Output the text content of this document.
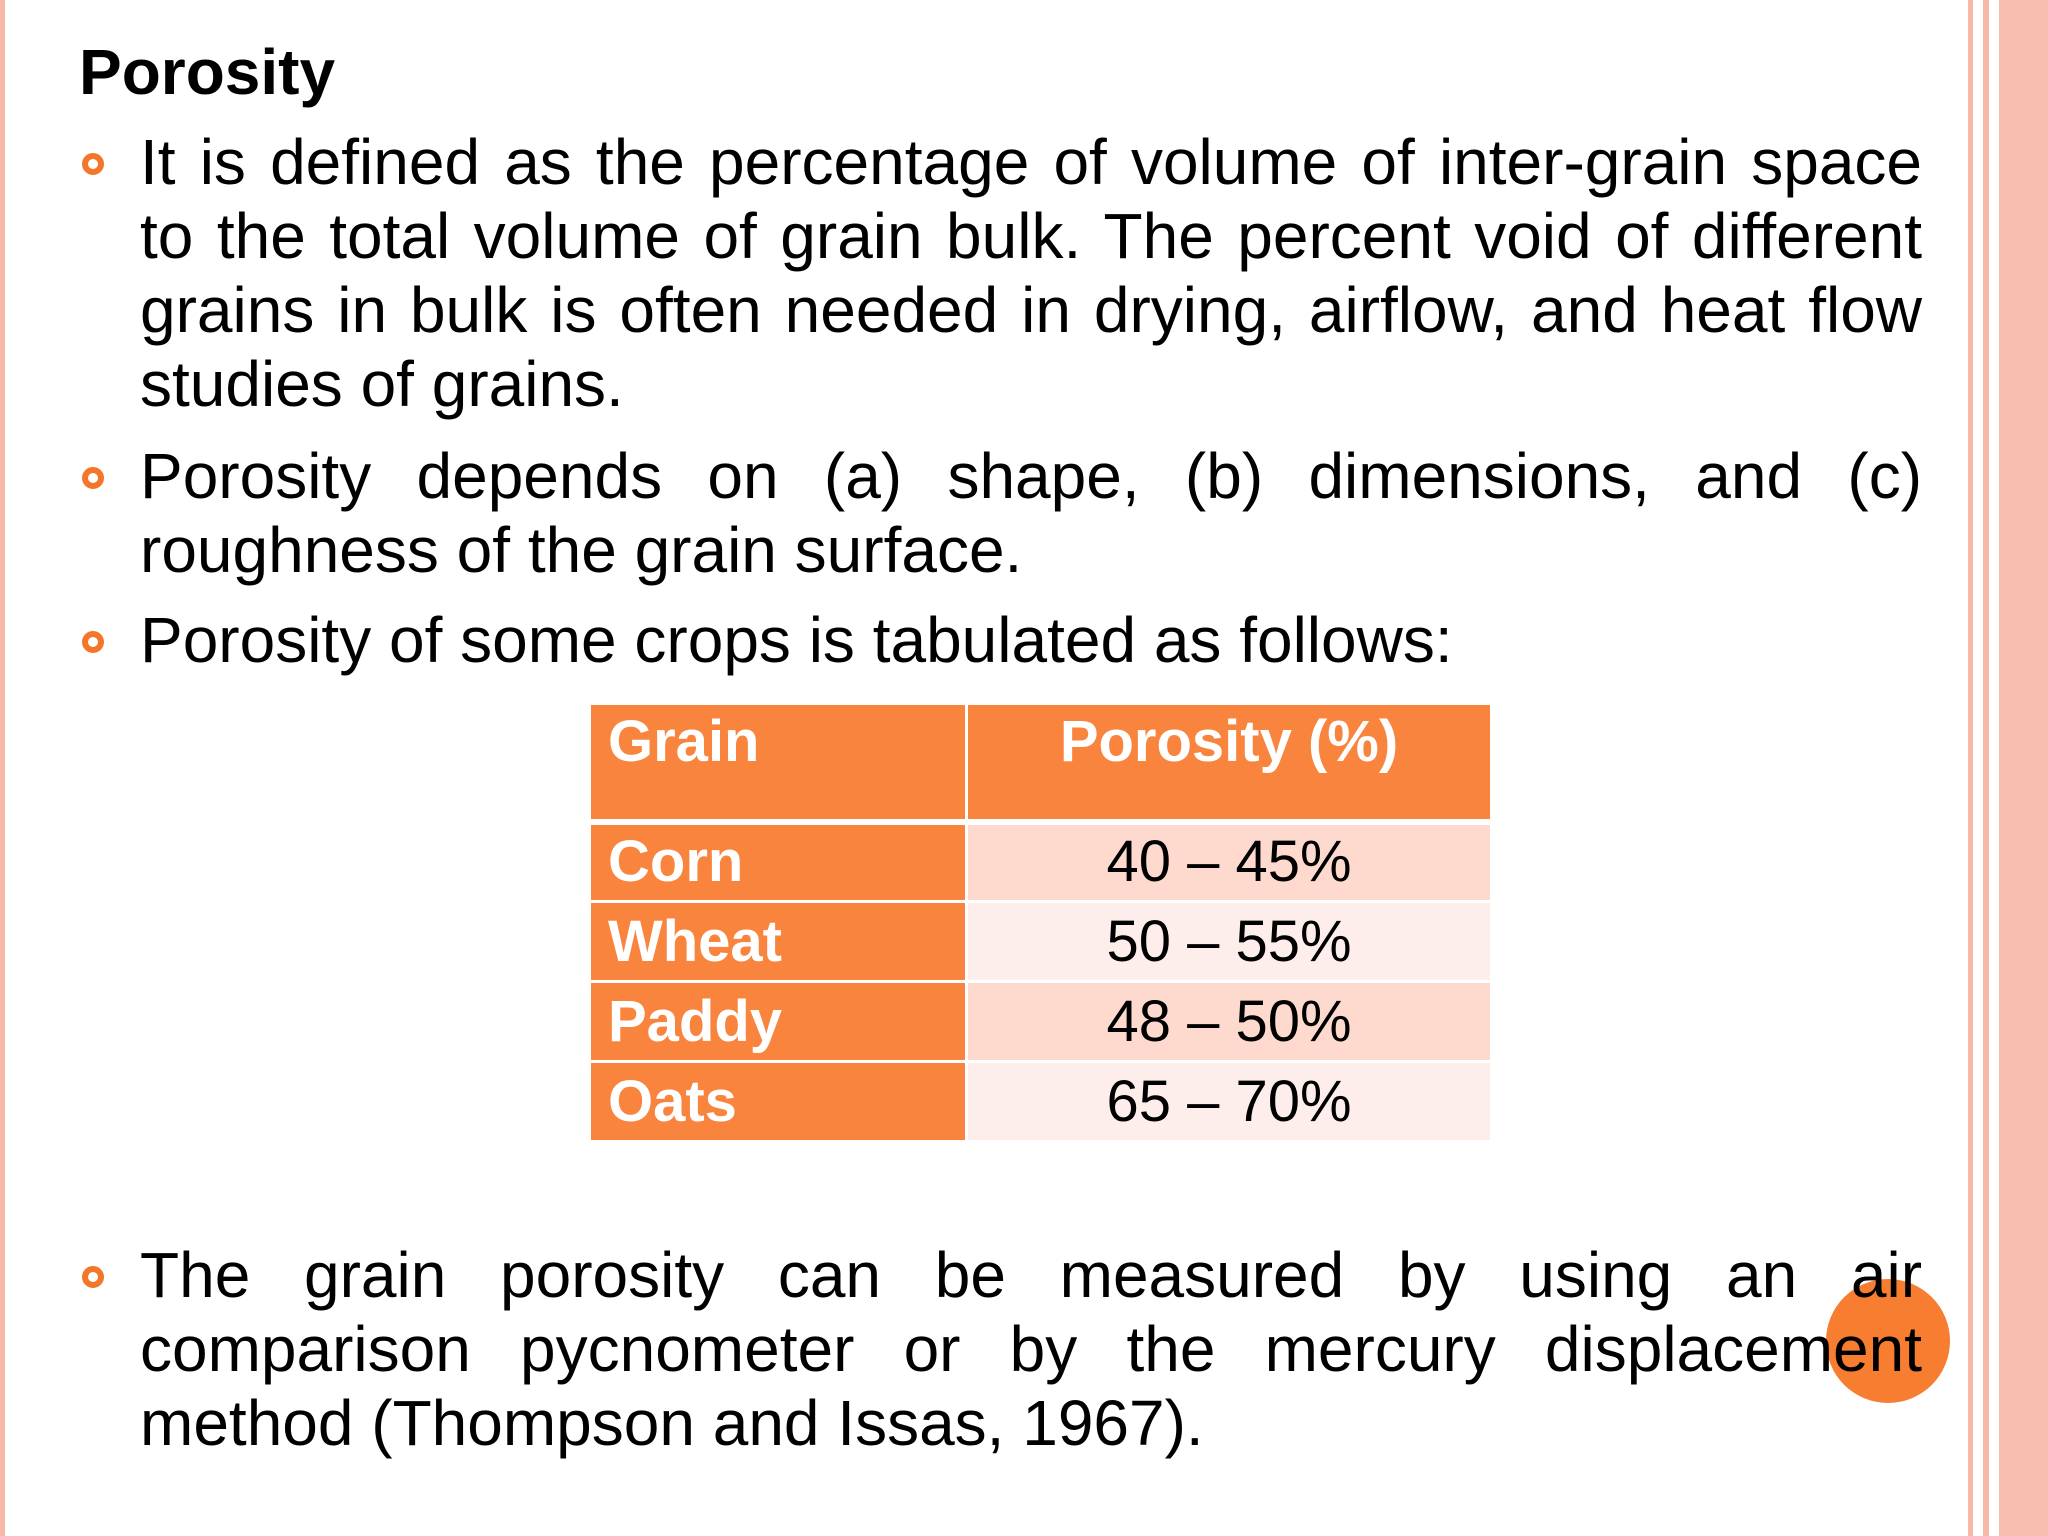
Porosity

It is defined as the percentage of volume of inter-grain space to the total volume of grain bulk. The percent void of different grains in bulk is often needed in drying, airflow, and heat flow studies of grains.

Porosity depends on (a) shape, (b) dimensions, and (c) roughness of the grain surface.

Porosity of some crops is tabulated as follows:

Grain	Porosity (%)

Corn	40 – 45%
Wheat	50 – 55%
Paddy	48 – 50%
Oats	65 – 70%

The grain porosity can be measured by using an air comparison pycnometer or by the mercury displacement method (Thompson and Issas, 1967).
